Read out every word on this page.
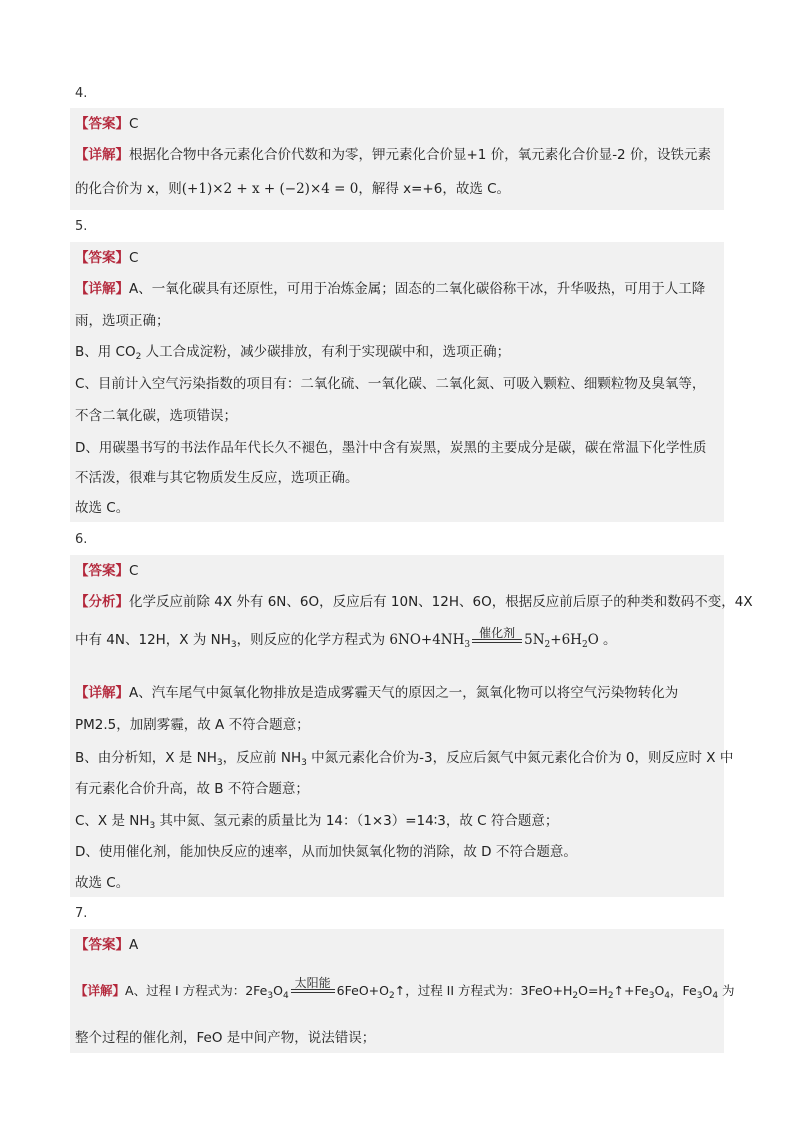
4.
【答案】C
【详解】根据化合物中各元素化合价代数和为零，钾元素化合价显+1 价，氧元素化合价显-2 价，设铁元素
的化合价为 x，则(+1)×2 + x + (−2)×4 = 0，解得 x=+6，故选 C。
5.
【答案】C
【详解】A、一氧化碳具有还原性，可用于冶炼金属；固态的二氧化碳俗称干冰，升华吸热，可用于人工降
雨，选项正确；
B、用 $CO_2$ 人工合成淀粉，减少碳排放，有利于实现碳中和，选项正确；
C、目前计入空气污染指数的项目有：二氧化硫、一氧化碳、二氧化氮、可吸入颗粒、细颗粒物及臭氧等，
不含二氧化碳，选项错误；
D、用碳墨书写的书法作品年代长久不褪色，墨汁中含有炭黑，炭黑的主要成分是碳，碳在常温下化学性质
不活泼，很难与其它物质发生反应，选项正确。
故选 C。
6.
【答案】C
【分析】化学反应前除 4X 外有 6N、6O，反应后有 10N、12H、6O，根据反应前后原子的种类和数码不变，4X
中有 4N、12H，X 为 $NH_3$，则反应的化学方程式为 $6NO+4NH_3$
催化剂 $5N_2+6H_2O$ 。
【详解】A、汽车尾气中氮氧化物排放是造成雾霾天气的原因之一，氮氧化物可以将空气污染物转化为
PM2.5，加剧雾霾，故 A 不符合题意；
B、由分析知，X 是 $NH_3$，反应前 $NH_3$ 中氮元素化合价为-3，反应后氮气中氮元素化合价为 0，则反应时 X 中
有元素化合价升高，故 B 不符合题意；
C、X 是 $NH_3$ 其中氮、氢元素的质量比为 14：（1×3）=14∶3，故 C 符合题意；
D、使用催化剂，能加快反应的速率，从而加快氮氧化物的消除，故 D 不符合题意。
故选 C。
7.
【答案】A
【详解】A、过程 I 方程式为：$2Fe_3O_4$
太阳能 $6FeO+O_2↑$，过程 II 方程式为：$3FeO+H_2O=H_2↑+Fe_3O_4$，$Fe_3O_4$ 为
整个过程的催化剂，FeO 是中间产物，说法错误；
